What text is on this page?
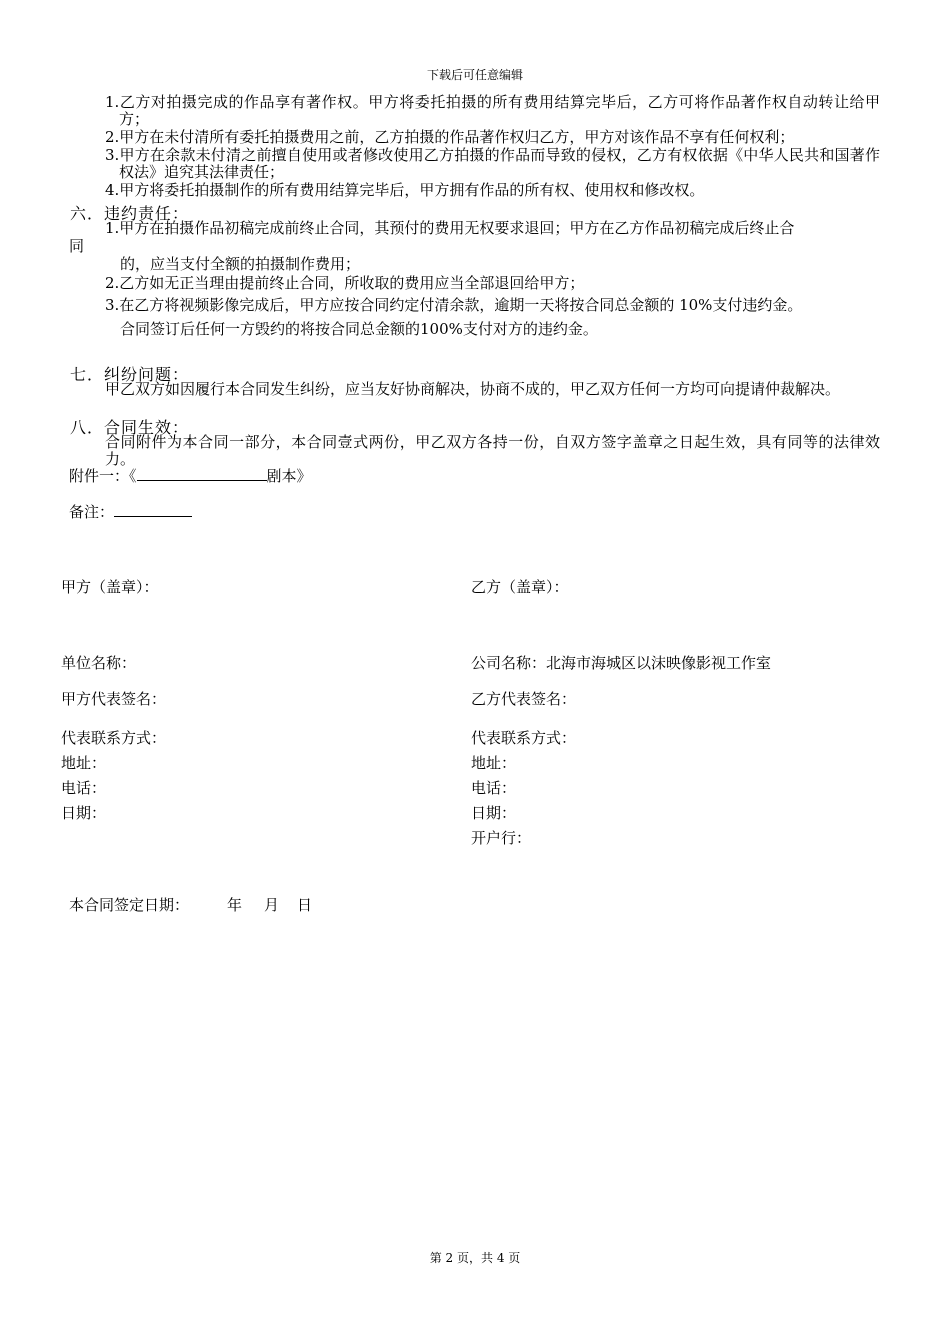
下载后可任意编辑
1.乙方对拍摄完成的作品享有著作权。甲方将委托拍摄的所有费用结算完毕后，乙方可将作品著作权自动转让给甲方；
2.甲方在未付清所有委托拍摄费用之前，乙方拍摄的作品著作权归乙方，甲方对该作品不享有任何权利；
3.甲方在余款未付清之前擅自使用或者修改使用乙方拍摄的作品而导致的侵权，乙方有权依据《中华人民共和国著作权法》追究其法律责任；
4.甲方将委托拍摄制作的所有费用结算完毕后，甲方拥有作品的所有权、使用权和修改权。
六．违约责任：
1.甲方在拍摄作品初稿完成前终止合同，其预付的费用无权要求退回；甲方在乙方作品初稿完成后终止合
同
的，应当支付全额的拍摄制作费用；
2.乙方如无正当理由提前终止合同，所收取的费用应当全部退回给甲方；
3.在乙方将视频影像完成后，甲方应按合同约定付清余款，逾期一天将按合同总金额的 10%支付违约金。
合同签订后任何一方毁约的将按合同总金额的100%支付对方的违约金。
七．纠纷问题：
甲乙双方如因履行本合同发生纠纷，应当友好协商解决，协商不成的，甲乙双方任何一方均可向提请仲裁解决。
八．合同生效：
合同附件为本合同一部分，本合同壹式两份，甲乙双方各持一份，自双方签字盖章之日起生效，具有同等的法律效力。
附件一：《	剧本》
备注：
甲方（盖章）：
单位名称：
甲方代表签名：
代表联系方式：
地址：
电话：
日期：
乙方（盖章）：
公司名称：北海市海城区以沫映像影视工作室
乙方代表签名：
代表联系方式：
地址：
电话：
日期：
开户行：
本合同签定日期：	年 月 日
第 2 页，共 4 页
